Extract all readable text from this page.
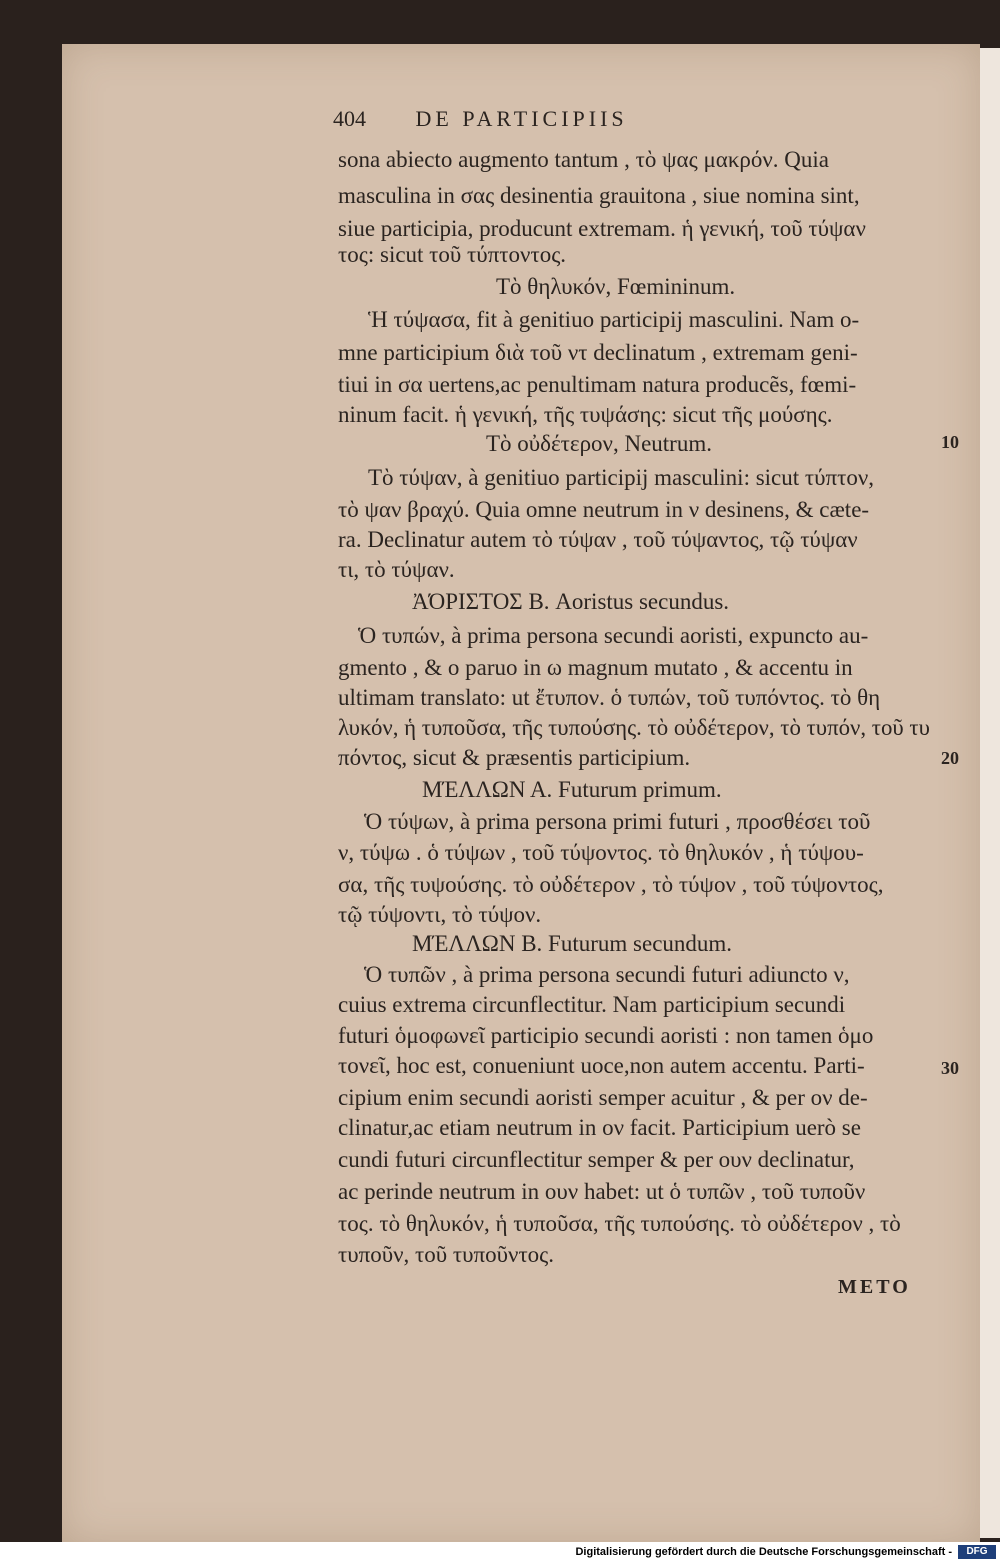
404 DE PARTICIPIIS
sona abiecto augmento tantum , τὸ ψας μακρόν. Quia
masculina in σας desinentia grauitona , siue nomina sint,
siue participia, producunt extremam. ἡ γενική, τοῦ τύψαν
τος: sicut τοῦ τύπτοντος.
Τὸ θηλυκόν, Fœmininum.
Ἡ τύψασα, fit à genitiuo participij masculini. Nam o-
mne participium διὰ τοῦ ντ declinatum , extremam geni-
tiui in σα uertens,ac penultimam natura producẽs, fœmi-
ninum facit. ἡ γενική, τῆς τυψάσης: sicut τῆς μούσης.
Τὸ οὐδέτερον, Neutrum.
Τὸ τύψαν, à genitiuo participij masculini: sicut τύπτον,
τὸ ψαν βραχύ. Quia omne neutrum in ν desinens, & cæte-
ra. Declinatur autem τὸ τύψαν , τοῦ τύψαντος, τῷ τύψαν
τι, τὸ τύψαν.
ἈΌΡΙΣΤΟΣ Β. Aoristus secundus.
Ὁ τυπών, à prima persona secundi aoristi, expuncto au-
gmento , & ο paruo in ω magnum mutato , & accentu in
ultimam translato: ut ἔτυπον. ὁ τυπών, τοῦ τυπόντος. τὸ θη
λυκόν, ἡ τυποῦσα, τῆς τυπούσης. τὸ οὐδέτερον, τὸ τυπόν, τοῦ τυ
πόντος, sicut & præsentis participium.
ΜΈΛΛΩΝ Α. Futurum primum.
Ὁ τύψων, à prima persona primi futuri , προσθέσει τοῦ
ν, τύψω . ὁ τύψων , τοῦ τύψοντος. τὸ θηλυκόν , ἡ τύψου-
σα, τῆς τυψούσης. τὸ οὐδέτερον , τὸ τύψον , τοῦ τύψοντος,
τῷ τύψοντι, τὸ τύψον.
ΜΈΛΛΩΝ Β. Futurum secundum.
Ὁ τυπῶν , à prima persona secundi futuri adiuncto ν,
cuius extrema circunflectitur. Nam participium secundi
futuri ὁμοφωνεῖ participio secundi aoristi : non tamen ὁμο
τονεῖ, hoc est, conueniunt uoce,non autem accentu. Parti-
cipium enim secundi aoristi semper acuitur , & per ον de-
clinatur,ac etiam neutrum in ον facit. Participium uerò se
cundi futuri circunflectitur semper & per ουν declinatur,
ac perinde neutrum in ουν habet: ut ὁ τυπῶν , τοῦ τυποῦν
τος. τὸ θηλυκόν, ἡ τυποῦσα, τῆς τυπούσης. τὸ οὐδέτερον , τὸ
τυποῦν, τοῦ τυποῦντος.
10
20
30
METO
Digitalisierung gefördert durch die Deutsche Forschungsgemeinschaft -	DFG
